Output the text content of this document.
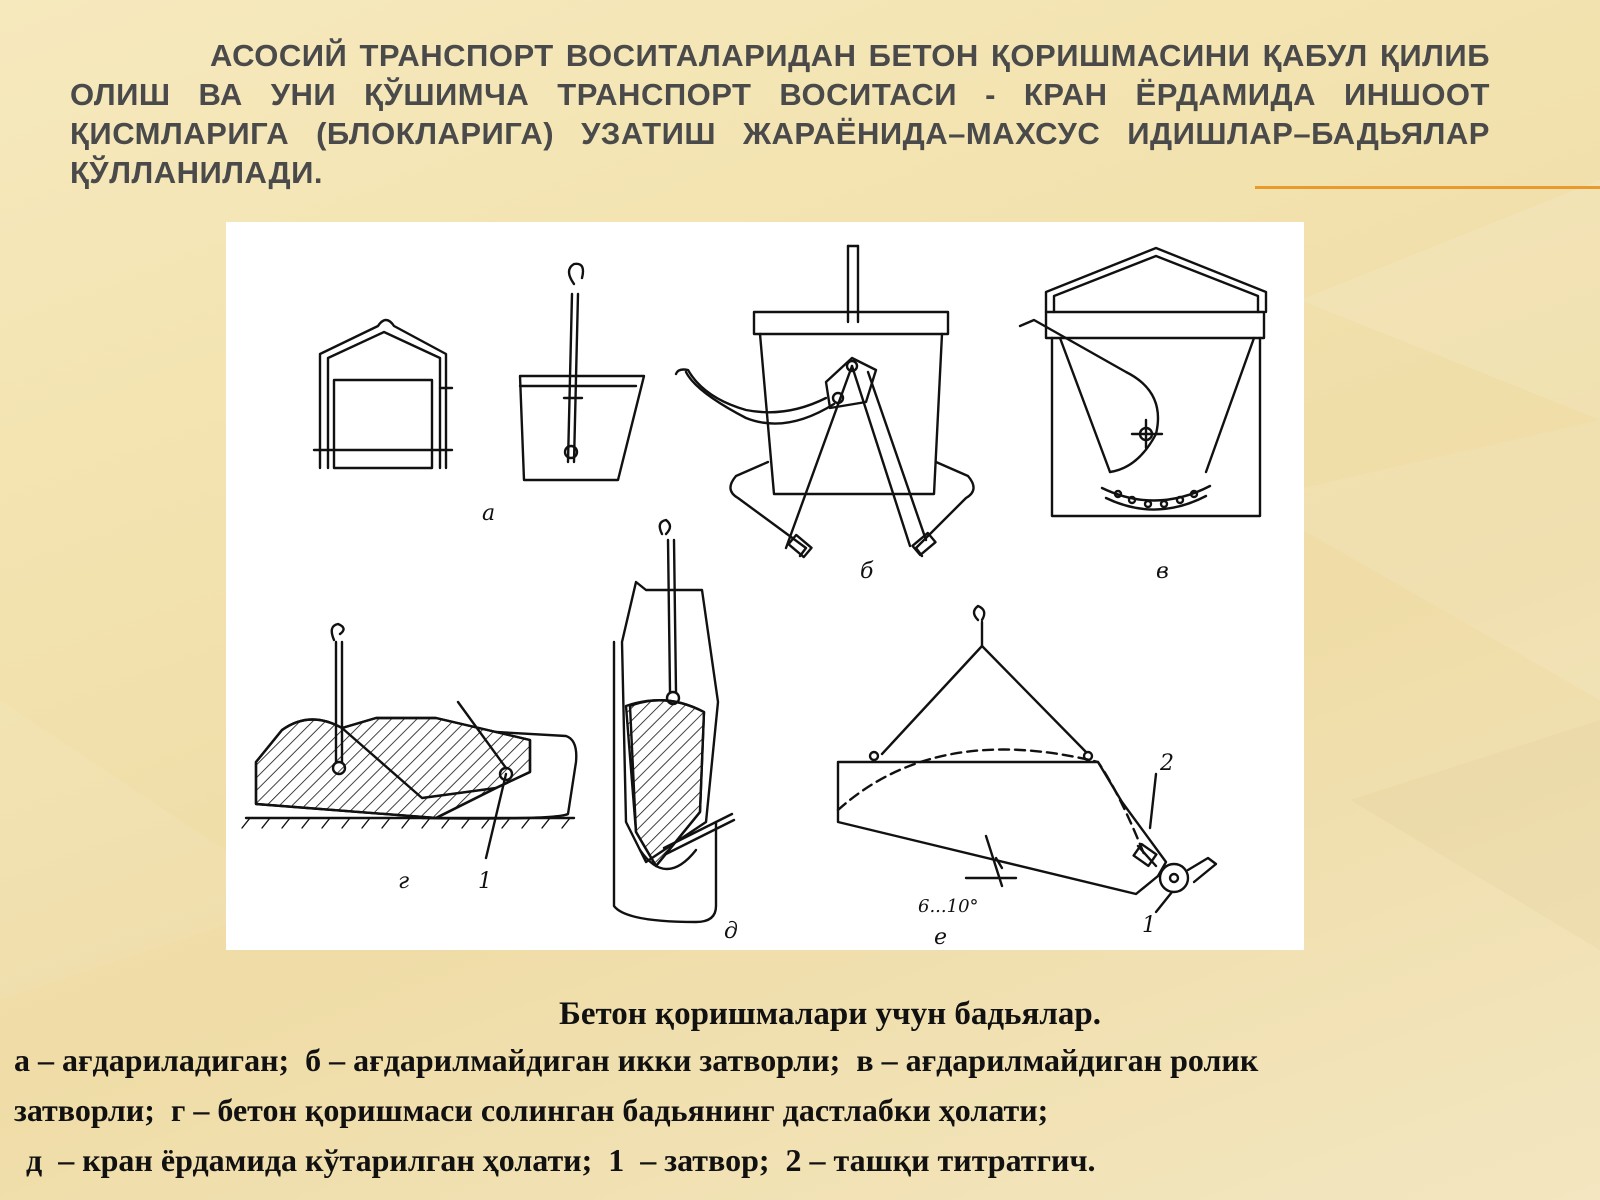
АСОСИЙ ТРАНСПОРТ ВОСИТАЛАРИДАН БЕТОН ҚОРИШМАСИНИ ҚАБУЛ ҚИЛИБ ОЛИШ ВА УНИ ҚЎШИМЧА ТРАНСПОРТ ВОСИТАСИ - КРАН ЁРДАМИДА ИНШООТ ҚИСМЛАРИГА (БЛОКЛАРИГА) УЗАТИШ ЖАРАЁНИДА–МАХСУС ИДИШЛАР–БАДЬЯЛАР ҚЎЛЛАНИЛАДИ.
а
б	в
г	1
д	е	1
2
6...10°
Бетон қоришмалари учун бадьялар.
а – ағдариладиган;  б – ағдарилмайдиган икки затворли;  в – ағдарилмайдиган ролик
затворли;  г – бетон қоришмаси солинган бадьянинг дастлабки ҳолати;
д  – кран ёрдамида кўтарилган ҳолати;  1  – затвор;  2 – ташқи титратгич.
